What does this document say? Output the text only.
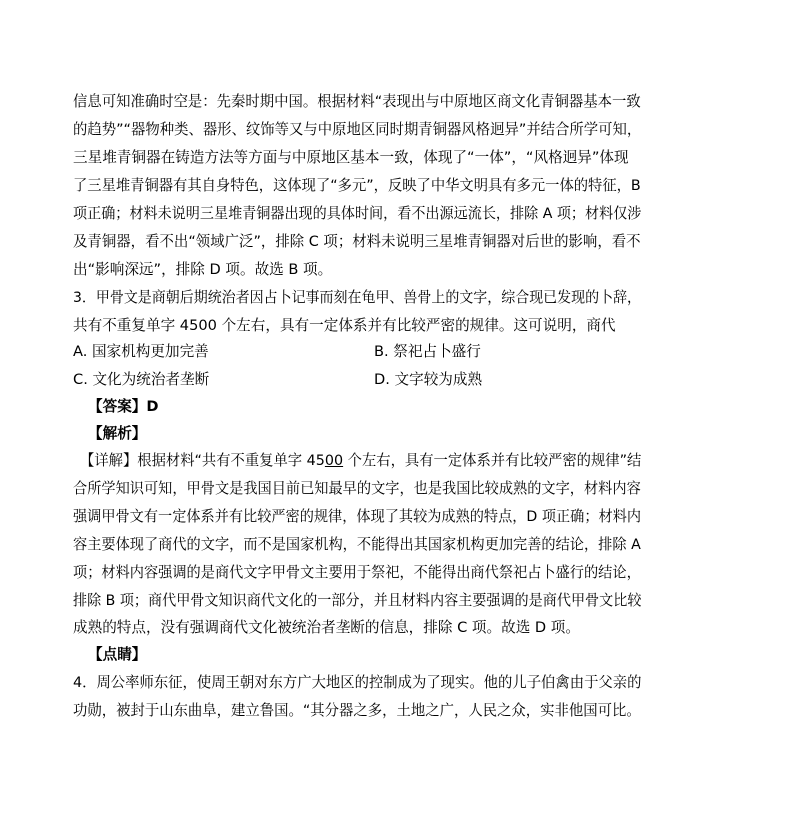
信息可知准确时空是：先秦时期中国。根据材料“表现出与中原地区商文化青铜器基本一致
的趋势”“器物种类、器形、纹饰等又与中原地区同时期青铜器风格迥异”并结合所学可知，
三星堆青铜器在铸造方法等方面与中原地区基本一致，体现了“一体”，“风格迥异”体现
了三星堆青铜器有其自身特色，这体现了“多元”，反映了中华文明具有多元一体的特征，B
项正确；材料未说明三星堆青铜器出现的具体时间，看不出源远流长，排除 A 项；材料仅涉
及青铜器，看不出“领域广泛”，排除 C 项；材料未说明三星堆青铜器对后世的影响，看不
出“影响深远”，排除 D 项。故选 B 项。
3．甲骨文是商朝后期统治者因占卜记事而刻在龟甲、兽骨上的文字，综合现已发现的卜辞，
共有不重复单字 4500 个左右，具有一定体系并有比较严密的规律。这可说明，商代
A. 国家机构更加完善	B. 祭祀占卜盛行
C. 文化为统治者垄断	D. 文字较为成熟
【答案】D
【解析】
【详解】根据材料“共有不重复单字 4500 个左右，具有一定体系并有比较严密的规律”结
合所学知识可知，甲骨文是我国目前已知最早的文字，也是我国比较成熟的文字，材料内容
强调甲骨文有一定体系并有比较严密的规律，体现了其较为成熟的特点，D 项正确；材料内
容主要体现了商代的文字，而不是国家机构，不能得出其国家机构更加完善的结论，排除 A
项；材料内容强调的是商代文字甲骨文主要用于祭祀，不能得出商代祭祀占卜盛行的结论，
排除 B 项；商代甲骨文知识商代文化的一部分，并且材料内容主要强调的是商代甲骨文比较
成熟的特点，没有强调商代文化被统治者垄断的信息，排除 C 项。故选 D 项。
【点睛】
4．周公率师东征，使周王朝对东方广大地区的控制成为了现实。他的儿子伯禽由于父亲的
功勋，被封于山东曲阜，建立鲁国。“其分器之多，土地之广，人民之众，实非他国可比。
